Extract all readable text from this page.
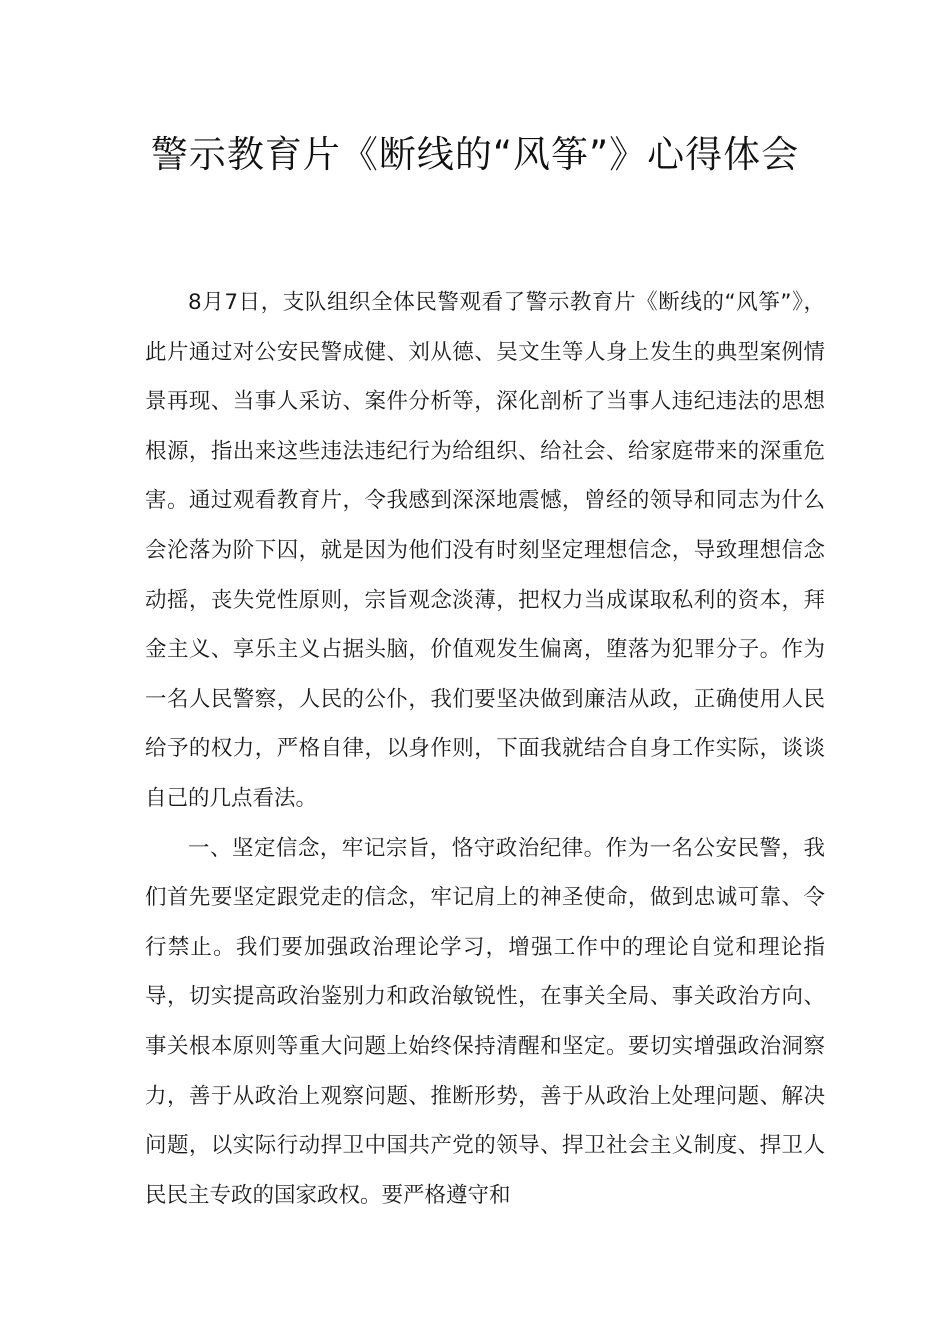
警示教育片《断线的“风筝”》心得体会

8月7日，支队组织全体民警观看了警示教育片《断线的“风筝”》，此片通过对公安民警成健、刘从德、吴文生等人身上发生的典型案例情景再现、当事人采访、案件分析等，深化剖析了当事人违纪违法的思想根源，指出来这些违法违纪行为给组织、给社会、给家庭带来的深重危害。通过观看教育片，令我感到深深地震憾，曾经的领导和同志为什么会沦落为阶下囚，就是因为他们没有时刻坚定理想信念，导致理想信念动摇，丧失党性原则，宗旨观念淡薄，把权力当成谋取私利的资本，拜金主义、享乐主义占据头脑，价值观发生偏离，堕落为犯罪分子。作为一名人民警察，人民的公仆，我们要坚决做到廉洁从政，正确使用人民给予的权力，严格自律，以身作则，下面我就结合自身工作实际，谈谈自己的几点看法。

一、坚定信念，牢记宗旨，恪守政治纪律。作为一名公安民警，我们首先要坚定跟党走的信念，牢记肩上的神圣使命，做到忠诚可靠、令行禁止。我们要加强政治理论学习，增强工作中的理论自觉和理论指导，切实提高政治鉴别力和政治敏锐性，在事关全局、事关政治方向、事关根本原则等重大问题上始终保持清醒和坚定。要切实增强政治洞察力，善于从政治上观察问题、推断形势，善于从政治上处理问题、解决问题，以实际行动捍卫中国共产党的领导、捍卫社会主义制度、捍卫人民民主专政的国家政权。要严格遵守和
